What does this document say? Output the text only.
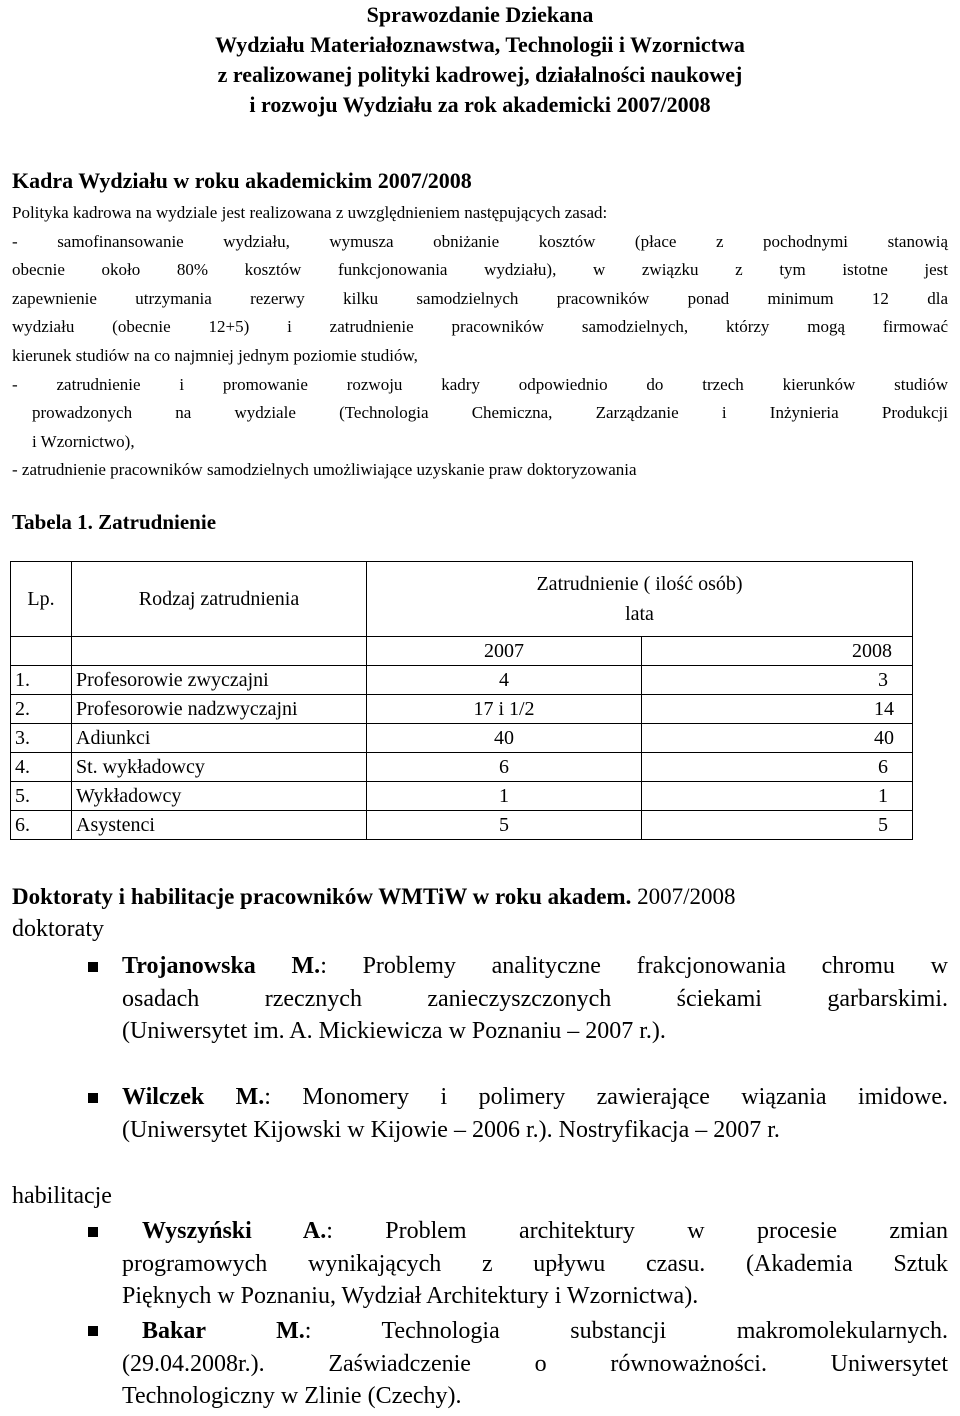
Sprawozdanie Dziekana
Wydziału Materiałoznawstwa, Technologii i Wzornictwa
z realizowanej polityki kadrowej, działalności naukowej
i rozwoju Wydziału za rok akademicki 2007/2008
Kadra Wydziału w roku akademickim 2007/2008
Polityka kadrowa na wydziale jest realizowana z uwzględnieniem następujących zasad:
- samofinansowanie wydziału, wymusza obniżanie kosztów (płace z pochodnymi stanowią
obecnie około 80% kosztów funkcjonowania wydziału), w związku z tym istotne jest
zapewnienie utrzymania rezerwy kilku samodzielnych pracowników ponad minimum 12 dla
wydziału (obecnie 12+5) i zatrudnienie pracowników samodzielnych, którzy mogą firmować
kierunek studiów na co najmniej jednym poziomie studiów,
- zatrudnienie i promowanie rozwoju kadry odpowiednio do trzech kierunków studiów
prowadzonych na wydziale (Technologia Chemiczna, Zarządzanie i Inżynieria Produkcji
i Wzornictwo),
- zatrudnienie pracowników samodzielnych umożliwiające uzyskanie praw doktoryzowania
Tabela 1. Zatrudnienie
Lp.	Rodzaj zatrudnienia	Zatrudnienie ( ilość osób)
lata	

		2007	2008
1.	Profesorowie zwyczajni	4	3
2.	Profesorowie nadzwyczajni	17 i 1/2	14
3.	Adiunkci	40	40
4.	St. wykładowcy	6	6
5.	Wykładowcy	1	1
6.	Asystenci	5	5
Doktoraty i habilitacje pracowników WMTiW w roku akadem. 2007/2008
doktoraty
Trojanowska M.: Problemy analityczne frakcjonowania chromu w
osadach rzecznych zanieczyszczonych ściekami garbarskimi.
(Uniwersytet im. A. Mickiewicza w Poznaniu – 2007 r.).
Wilczek M.: Monomery i polimery zawierające wiązania imidowe.
(Uniwersytet Kijowski w Kijowie – 2006 r.). Nostryfikacja – 2007 r.
habilitacje
Wyszyński A.: Problem architektury w procesie zmian
programowych wynikających z upływu czasu. (Akademia Sztuk
Pięknych w Poznaniu, Wydział Architektury i Wzornictwa).
Bakar M.: Technologia substancji makromolekularnych.
(29.04.2008r.). Zaświadczenie o równoważności. Uniwersytet
Technologiczny w Zlinie (Czechy).
